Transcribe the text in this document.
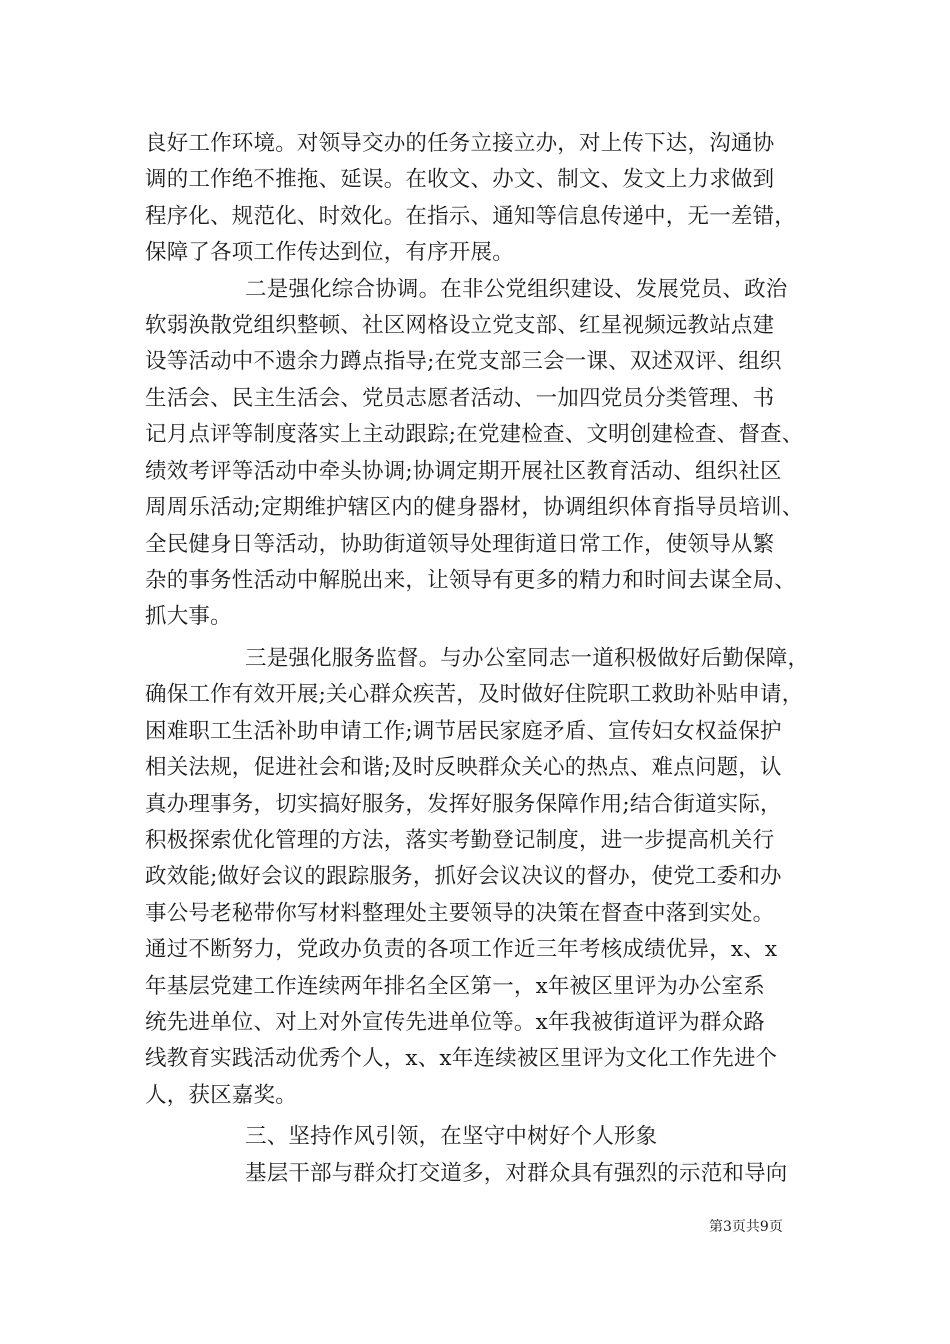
良好工作环境。对领导交办的任务立接立办，对上传下达，沟通协
调的工作绝不推拖、延误。在收文、办文、制文、发文上力求做到
程序化、规范化、时效化。在指示、通知等信息传递中，无一差错，
保障了各项工作传达到位，有序开展。
二是强化综合协调。在非公党组织建设、发展党员、政治
软弱涣散党组织整顿、社区网格设立党支部、红星视频远教站点建
设等活动中不遗余力蹲点指导;在党支部三会一课、双述双评、组织
生活会、民主生活会、党员志愿者活动、一加四党员分类管理、书
记月点评等制度落实上主动跟踪;在党建检查、文明创建检查、督查、
绩效考评等活动中牵头协调;协调定期开展社区教育活动、组织社区
周周乐活动;定期维护辖区内的健身器材，协调组织体育指导员培训、
全民健身日等活动，协助街道领导处理街道日常工作，使领导从繁
杂的事务性活动中解脱出来，让领导有更多的精力和时间去谋全局、
抓大事。
三是强化服务监督。与办公室同志一道积极做好后勤保障，
确保工作有效开展;关心群众疾苦，及时做好住院职工救助补贴申请，
困难职工生活补助申请工作;调节居民家庭矛盾、宣传妇女权益保护
相关法规，促进社会和谐;及时反映群众关心的热点、难点问题，认
真办理事务，切实搞好服务，发挥好服务保障作用;结合街道实际，
积极探索优化管理的方法，落实考勤登记制度，进一步提高机关行
政效能;做好会议的跟踪服务，抓好会议决议的督办，使党工委和办
事公号老秘带你写材料整理处主要领导的决策在督查中落到实处。
通过不断努力，党政办负责的各项工作近三年考核成绩优异，x、x
年基层党建工作连续两年排名全区第一，x年被区里评为办公室系
统先进单位、对上对外宣传先进单位等。x年我被街道评为群众路
线教育实践活动优秀个人，x、x年连续被区里评为文化工作先进个
人，获区嘉奖。
三、坚持作风引领，在坚守中树好个人形象
基层干部与群众打交道多，对群众具有强烈的示范和导向
第3页共9页
